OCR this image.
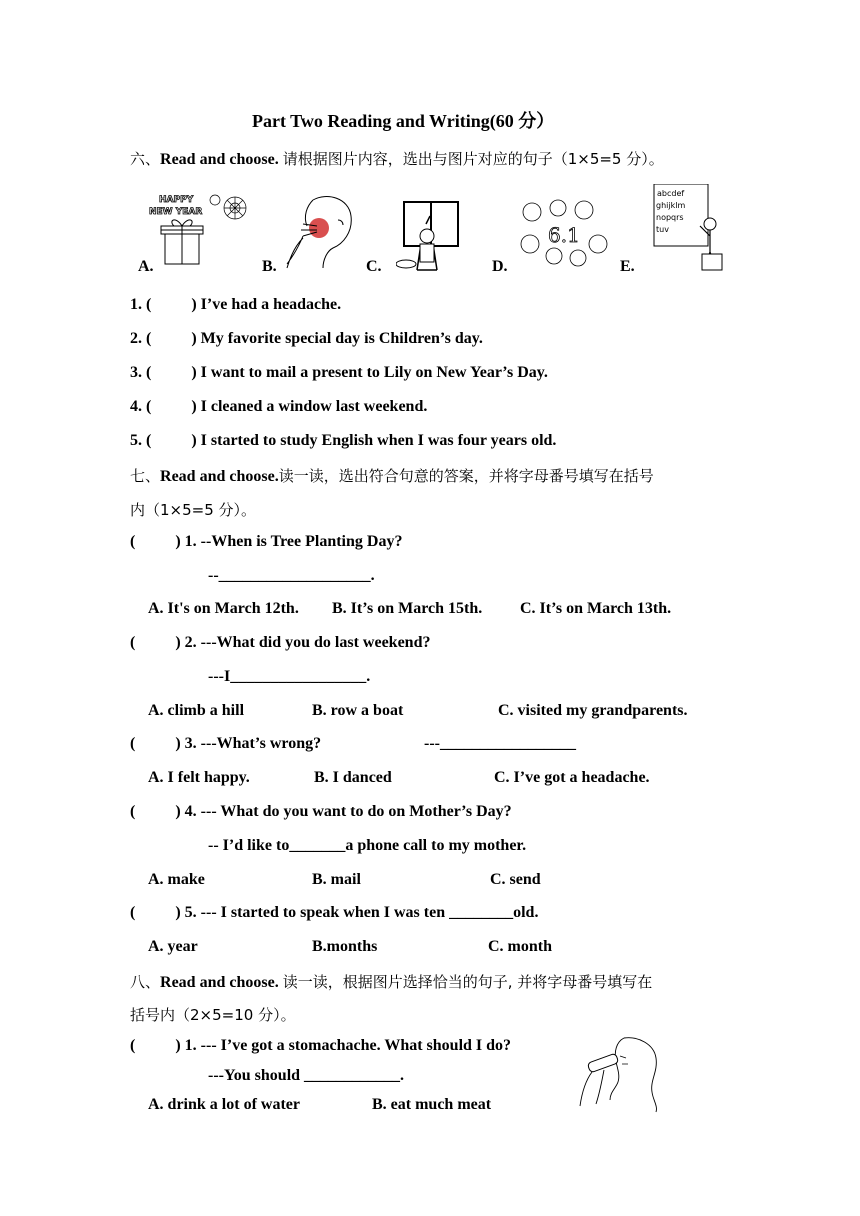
Part Two Reading and Writing(60 分）
六、Read and choose. 请根据图片内容，选出与图片对应的句子（1×5=5 分）。
HAPPY
NEW YEAR
6.1
abcdef
ghijklm
nopqrs
tuv
A.	B.	C.	D.	E.
1. (          ) I’ve had a headache.
2. (          ) My favorite special day is Children’s day.
3. (          ) I want to mail a present to Lily on New Year’s Day.
4. (          ) I cleaned a window last weekend.
5. (          ) I started to study English when I was four years old.
七、Read and choose.读一读，选出符合句意的答案，并将字母番号填写在括号
内（1×5=5 分）。
(          ) 1. --When is Tree Planting Day?
--___________________.
A. It's on March 12th. B. It’s on March 15th. C. It’s on March 13th.
(          ) 2. ---What did you do last weekend?
---I_________________.
A. climb a hill	B. row a boat	C. visited my grandparents.
(          ) 3. ---What’s wrong?	---_________________
A. I felt happy.	B. I danced	C. I’ve got a headache.
(          ) 4. --- What do you want to do on Mother’s Day?
-- I’d like to_______a phone call to my mother.
A. make	B. mail	C. send
(          ) 5. --- I started to speak when I was ten ________old.
A. year	B.months	C. month
八、Read and choose. 读一读，根据图片选择恰当的句子, 并将字母番号填写在
括号内（2×5=10 分）。
(          ) 1. --- I’ve got a stomachache. What should I do?
---You should ____________.
A. drink a lot of water	B. eat much meat
